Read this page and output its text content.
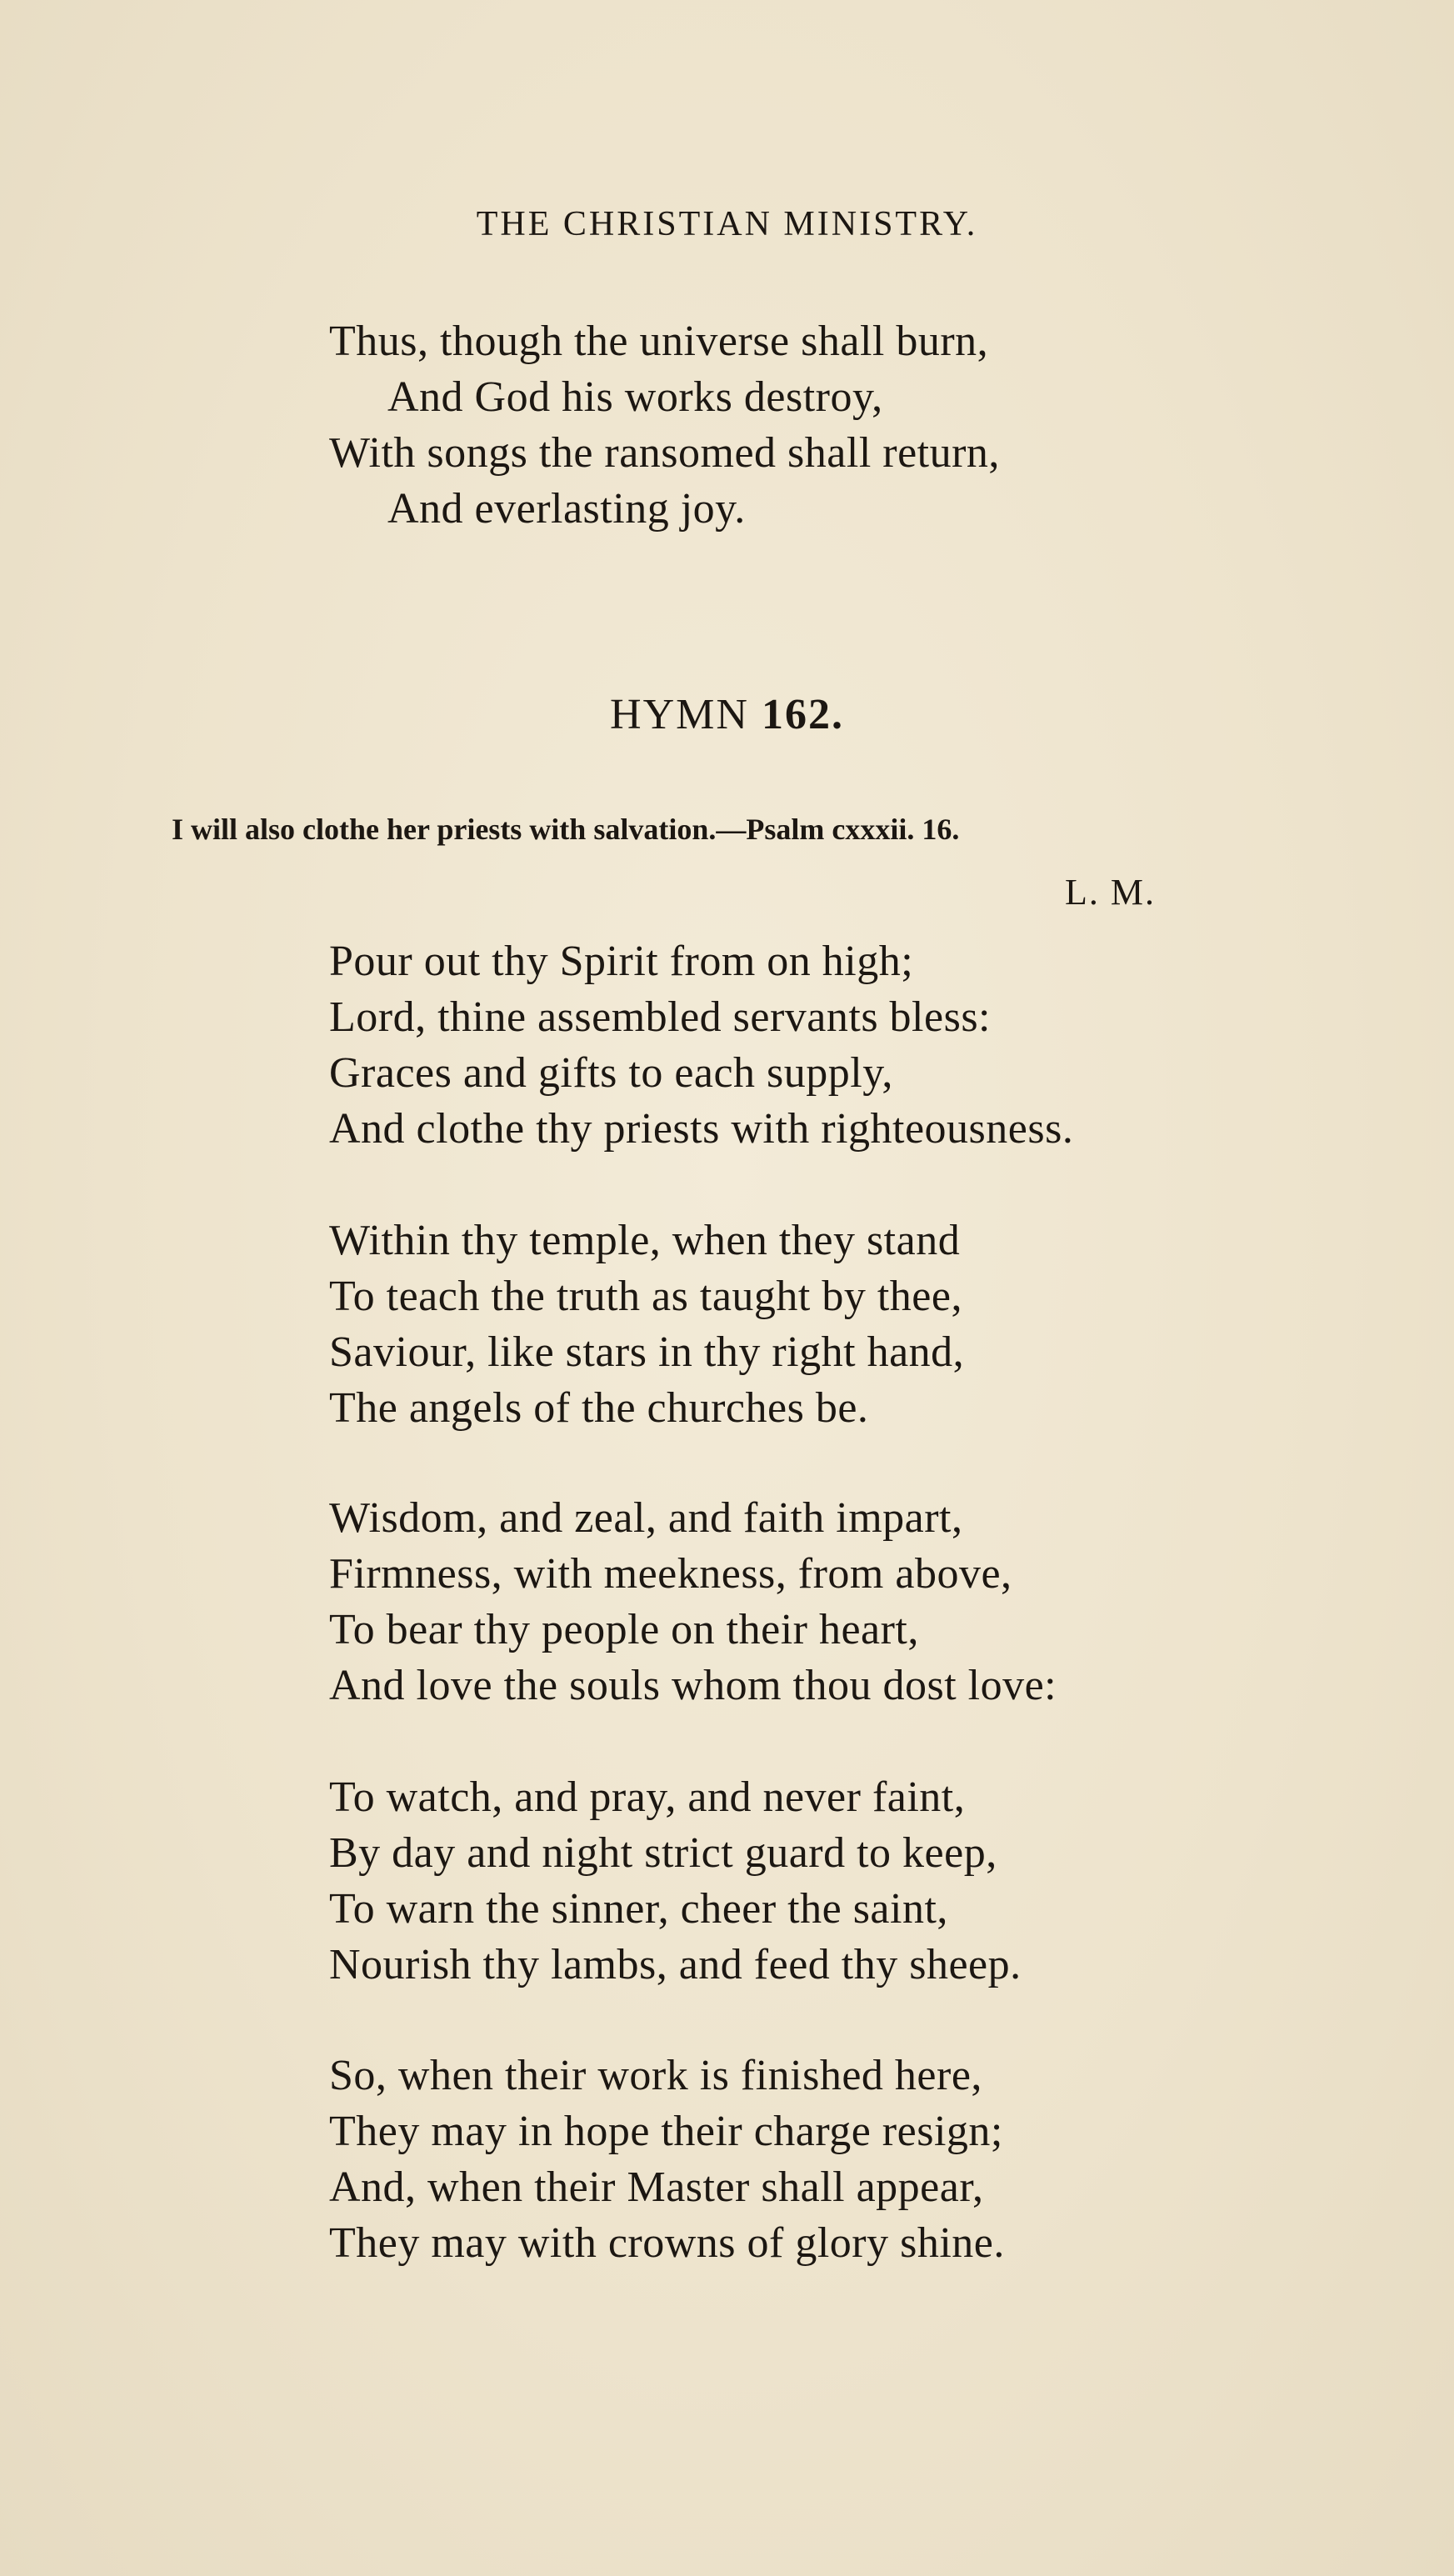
THE CHRISTIAN MINISTRY.
Thus, though the universe shall burn,
And God his works destroy,
With songs the ransomed shall return,
And everlasting joy.
HYMN 162.
I will also clothe her priests with salvation.—Psalm cxxxii. 16.
L. M.
Pour out thy Spirit from on high;
Lord, thine assembled servants bless:
Graces and gifts to each supply,
And clothe thy priests with righteousness.
Within thy temple, when they stand
To teach the truth as taught by thee,
Saviour, like stars in thy right hand,
The angels of the churches be.
Wisdom, and zeal, and faith impart,
Firmness, with meekness, from above,
To bear thy people on their heart,
And love the souls whom thou dost love:
To watch, and pray, and never faint,
By day and night strict guard to keep,
To warn the sinner, cheer the saint,
Nourish thy lambs, and feed thy sheep.
So, when their work is finished here,
They may in hope their charge resign;
And, when their Master shall appear,
They may with crowns of glory shine.
